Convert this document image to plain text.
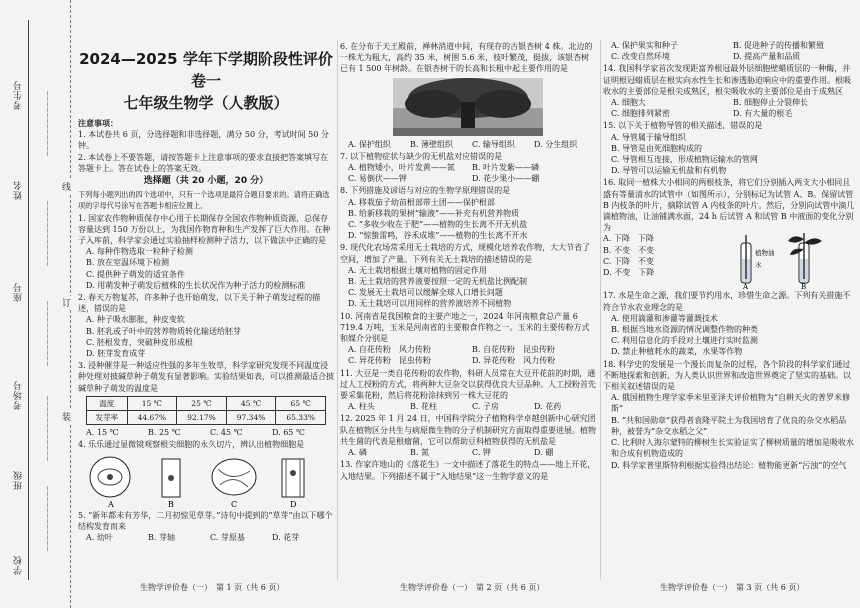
考生号 ____________
姓名
____________
座号
____________
考场号 ____________
班级
____________
学校
线
订
装
2024—2025 学年下学期阶段性评价卷一
七年级生物学（人教版）

注意事项：

1. 本试卷共 6 页，分选择题和非选择题，满分 50 分，考试时间 50 分钟。

2. 本试卷上不要答题，请按答题卡上注意事项的要求直接把答案填写在答题卡上。答在试卷上的答案无效。

选择题（共 20 小题，20 分）

下列每小题列出的四个选项中，只有一个选项是最符合题目要求的。请将正确选项的字母代号涂写在答题卡相应位置上。

1. 国家农作物种质保存中心用于长期保存全国农作物种质资源，总保存容量达到 150 万份以上，为我国作物育种和生产发挥了巨大作用。在种子入库前，科学家会通过实验抽样检测种子活力，以下做法中正确的是

A. 每种作物选取一粒种子检测
B. 放在室温环境下检测
C. 提供种子萌发的适宜条件
D. 用萌发种子萌发后植株的生长状况作为种子活力的检测标准

2. 春天万物复苏，许多种子也开始萌发，以下关于种子萌发过程的描述，错误的是

A. 种子吸水膨胀，种皮变软
B. 胚乳或子叶中的营养物质转化输送给胚芽
C. 胚根发育，突破种皮形成根
D. 胚芽发育成芽

3. 浸种催芽是一种适应性强的多年生牧草，科学家研究发现不同温度浸种处理对披碱草种子萌发有显著影响。实验结果如表，可以推测最适合披碱草种子萌发的温度是

温度	15 ℃	25 ℃	45 ℃	65 ℃
发芽率	44.67%	92.17%	97.34%	65.33%
A. 15 ℃	B. 25 ℃	C. 45 ℃	D. 65 ℃

4. 乐乐通过显微镜观察根尖细胞的永久切片，辨认出植物细胞是

A	B	C	D

5. “新年都未有芳华，二月初惊见草芽。”诗句中提到的“草芽”由以下哪个结构发育而来

A. 幼叶	B. 芽轴	C. 芽原基	D. 花芽

6. 在分布于天王殿前，禅林消道中间，有现存的古银杏树 4 株。北边的一株尤为粗大，高约 35 米，树围 5.6 米，枝叶繁茂，挺拔，该银杏树已有 1 500 年树龄。在银杏树干的长高和长粗中起主要作用的是

A. 保护组织	B. 薄壁组织	C. 输导组织	D. 分生组织

7. 以下植物症状与缺少的无机盐对应错误的是

A. 植物矮小，叶片发黄——氮	B. 叶片发紫——磷
C. 易倒伏——钾	D. 花少果小——硼

8. 下列措施及谚语与对应的生物学原理错误的是

A. 移栽茄子幼苗根部带土团——保护根部
B. 给新移栽的果树“输液”——补充有机营养物质
C. “多收少收在于肥”——植物的生长离不开无机盐
D. “惊蛰雷鸣，谷禾成堆”——植物的生长离不开水

9. 现代化农场常采用无土栽培的方式，规模化培养农作物，大大节省了空间，增加了产量。下列有关无土栽培的描述错误的是

A. 无土栽培根据土壤对植物的固定作用
B. 无土栽培的营养液要按照一定的无机盐比例配制
C. 发展无土栽培可以缓解全球人口增长问题
D. 无土栽培可以用同样的营养液培养不同植物

10. 河南省是我国粮食的主要产地之一，2024 年河南粮食总产量 6 719.4 万吨，玉米是河南省的主要粮食作物之一。玉米的主要传粉方式和媒介分别是

A. 自花传粉　风力传粉	B. 自花传粉　昆虫传粉
C. 异花传粉　昆虫传粉	D. 异花传粉　风力传粉

11. 大豆是一类自花传粉的农作物，科研人员常在大豆开花前的时期，通过人工授粉的方式，将两种大豆杂交以获得优良大豆品种。人工授粉首先要采集花粉，然后将花粉涂抹到另一株大豆花的

A. 柱头	B. 花柱	C. 子房	D. 花药

12. 2025 年 1 月 24 日，中国科学院分子植物科学卓越创新中心研究团队在植物区分共生与病原微生物的分子机制研究方面取得重要进展。植物共生菌的代表是根瘤菌，它可以帮助豆科植物获得的无机盐是

A. 磷	B. 氮	C. 钾	D. 硼

13. 作家许地山的《落花生》一文中描述了落花生的特点——地上开花，入地结果。下列描述不属于“入地结果”这一生物学意义的是

A. 保护果实和种子	B. 促进种子的传播和繁殖
C. 改变自然环境	D. 提高产量和品质

14. 我国科学家首次发现距富养根冠最外层细胞壁蜡质层的一种酶，并证明根冠蜡质层在根实向水性生长和渗透胁迫响应中的重要作用。根吸收水的主要部位是根尖成熟区，根尖吸收水的主要部位是由于成熟区

A. 细胞大	B. 细胞停止分裂伸长
C. 细胞排列紧密	D. 有大量的根毛

15. 以下关于植物导管的相关描述，错误的是

A. 导管属于输导组织
B. 导管是由死细胞构成的
C. 导管相互连接，形成植物运输水的管网
D. 导管可以运输无机盐和有机物

16. 取同一植株大小相同的两根枝条，将它们分别插入两支大小相同且盛有等量清水的试管中（如图所示），分别标记为试管 A、B。保留试管 B 内枝条的叶片，摘除试管 A 内枝条的叶片。然后，分别向试管中滴几滴植物油，让油铺满水面，24 h 后试管 A 和试管 B 中液面的变化分别为

A. 下降　下降
B. 不变　不变
C. 下降　不变
D. 不变　下降
植物油
水
A	B

17. 水是生命之源，我们要节约用水，珍惜生命之源。下列有关措施不符合节水农业理念的是

A. 使用滴灌和渗灌等灌溉技术
B. 根据当地水资源的情况调整作物的种类
C. 利用信息化的手段对土壤进行实时监测
D. 禁止种植耗水的蔬菜，水果等作物

18. 科学史的发展是一个漫长而复杂的过程，各个阶段的科学家们通过不断地探索和创新，为人类认识世界和改造世界奠定了坚实的基础。以下相关叙述错误的是

A. 俄国植物生理学家季米里亚泽夫评价植物为“自耕天火的普罗米修斯”
B. “共和国勋章”获得者袁隆平院士为我国培育了优良的杂交水稻品种，被誉为“杂交水稻之父”
C. 比利时人海尔蒙特的柳树生长实验证实了柳树质量的增加是吸收水和合成有机物造成的
D. 科学家普里斯特利根据实验得出结论：植物能更新“污浊”的空气
生物学评价卷（一）　第 1 页（共 6 页）	生物学评价卷（一）　第 2 页（共 6 页）	生物学评价卷（一）　第 3 页（共 6 页）
